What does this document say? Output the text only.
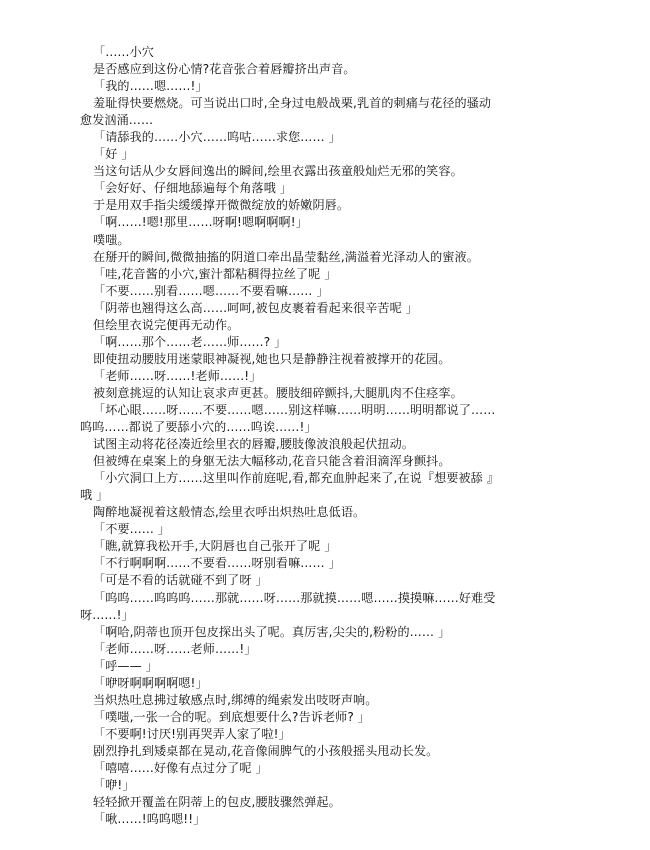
「……小穴
是否感应到这份心情?花音张合着唇瓣挤出声音。
「我的……嗯……!」
羞耻得快要燃烧。可当说出口时,全身过电般战栗,乳首的刺痛与花径的骚动
愈发汹涌……
「请舔我的……小穴……呜咕……求您…… 」
「好 」
当这句话从少女唇间逸出的瞬间,绘里衣露出孩童般灿烂无邪的笑容。
「会好好、仔细地舔遍每个角落哦 」
于是用双手指尖缓缓撑开微微绽放的娇嫩阴唇。
「啊……!嗯!那里……呀啊!嗯啊啊啊!」
噗嗤。
在掰开的瞬间,微微抽搐的阴道口牵出晶莹黏丝,满溢着光泽动人的蜜液。
「哇,花音酱的小穴,蜜汁都粘稠得拉丝了呢 」
「不要……别看……嗯……不要看嘛…… 」
「阴蒂也翘得这么高……呵呵,被包皮裹着看起来很辛苦呢 」
但绘里衣说完便再无动作。
「啊……那个……老……师……? 」
即使扭动腰肢用迷蒙眼神凝视,她也只是静静注视着被撑开的花园。
「老师……呀……!老师……!」
被刻意挑逗的认知让哀求声更甚。腰肢细碎颤抖,大腿肌肉不住痉挛。
「坏心眼……呀……不要……嗯……别这样嘛……明明……明明都说了……
呜呜……都说了要舔小穴的……呜诶……!」
试图主动将花径凑近绘里衣的唇瓣,腰肢像波浪般起伏扭动。
但被缚在桌案上的身躯无法大幅移动,花音只能含着泪滴浑身颤抖。
「小穴洞口上方……这里叫作前庭呢,看,都充血肿起来了,在说『想要被舔 』
哦 」
陶醉地凝视着这般情态,绘里衣呼出炽热吐息低语。
「不要…… 」
「瞧,就算我松开手,大阴唇也自己张开了呢 」
「不行啊啊啊……不要看……呀别看嘛…… 」
「可是不看的话就碰不到了呀 」
「呜呜……呜呜呜……那就……呀……那就摸……嗯……摸摸嘛……好难受
呀……!」
「啊哈,阴蒂也顶开包皮探出头了呢。真厉害,尖尖的,粉粉的…… 」
「老师……呀……老师……!」
「呼—— 」
「咿呀啊啊啊啊嗯!」
当炽热吐息拂过敏感点时,绑缚的绳索发出吱呀声响。
「噗嗤,一张一合的呢。到底想要什么?告诉老师? 」
「不要啊!讨厌!别再哭弄人家了啦!」
剧烈挣扎到矮桌都在晃动,花音像闹脾气的小孩般摇头甩动长发。
「嘻嘻……好像有点过分了呢 」
「咿!」
轻轻掀开覆盖在阴蒂上的包皮,腰肢骤然弹起。
「啾……!呜呜嗯!!」
